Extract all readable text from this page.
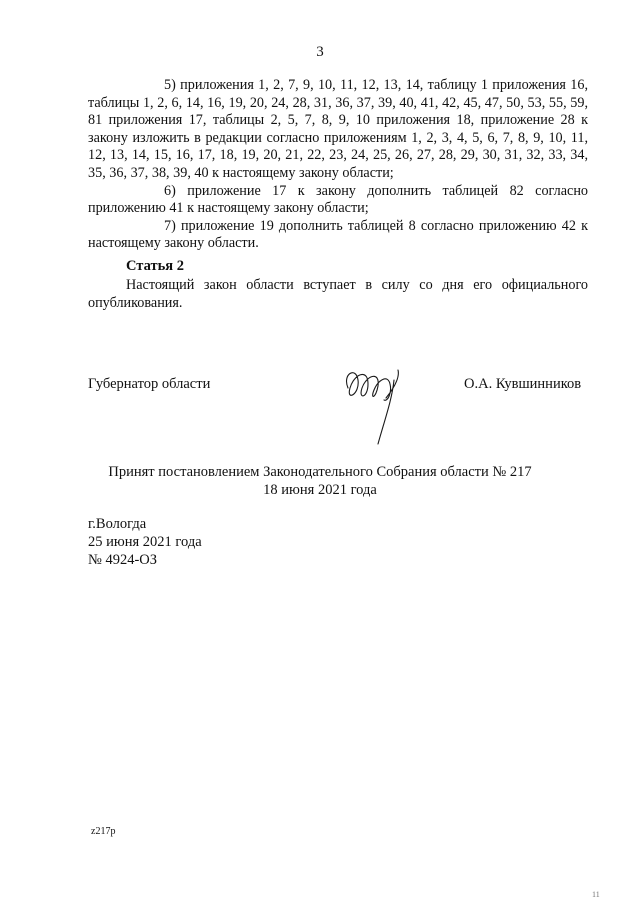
3

5) приложения 1, 2, 7, 9, 10, 11, 12, 13, 14, таблицу 1 приложения 16, таблицы 1, 2, 6, 14, 16, 19, 20, 24, 28, 31, 36, 37, 39, 40, 41, 42, 45, 47, 50, 53, 55, 59, 81 приложения 17, таблицы 2, 5, 7, 8, 9, 10 приложения 18, приложение 28 к закону изложить в редакции согласно приложениям 1, 2, 3, 4, 5, 6, 7, 8, 9, 10, 11, 12, 13, 14, 15, 16, 17, 18, 19, 20, 21, 22, 23, 24, 25, 26, 27, 28, 29, 30, 31, 32, 33, 34, 35, 36, 37, 38, 39, 40 к настоящему закону области;

6) приложение 17 к закону дополнить таблицей 82 согласно приложению 41 к настоящему закону области;

7) приложение 19 дополнить таблицей 8 согласно приложению 42 к настоящему закону области.

Статья 2
Настоящий закон области вступает в силу со дня его официального опубликования.
Губернатор области	О.А. Кувшинников
Принят постановлением Законодательного Собрания области № 217
18 июня 2021 года
г.Вологда
25 июня 2021 года
№ 4924-ОЗ
z217р
11
